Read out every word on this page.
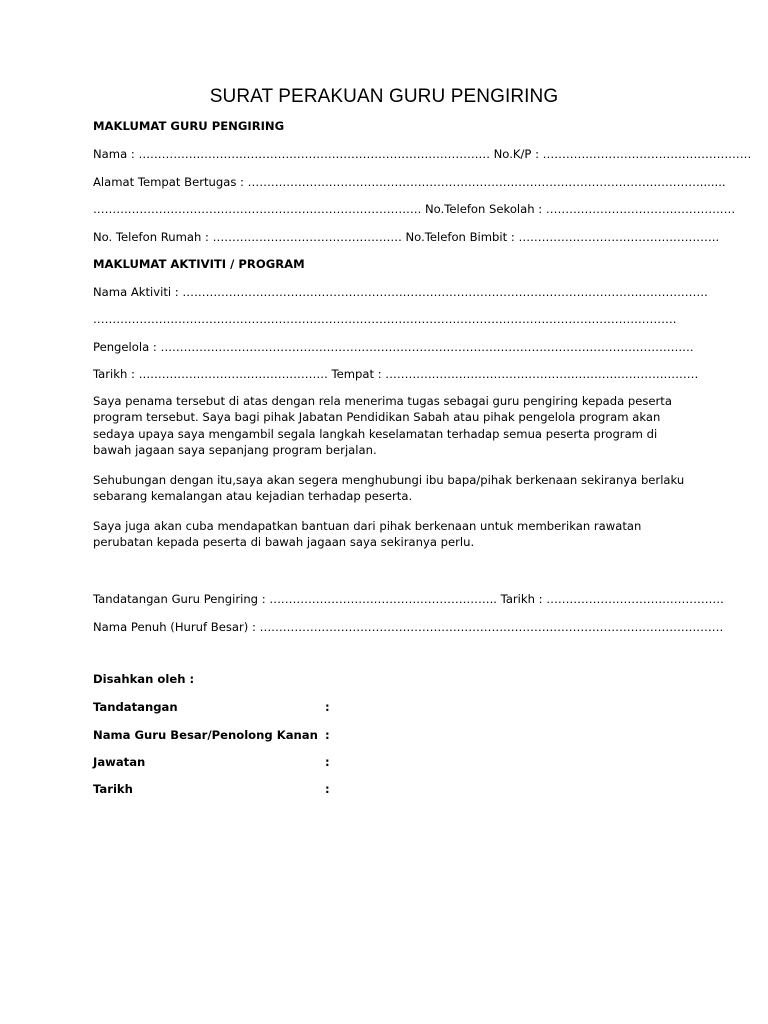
SURAT PERAKUAN GURU PENGIRING
MAKLUMAT GURU PENGIRING
Nama : ………………………………………………………………………………. No.K/P : ………………………………………………
Alamat Tempat Bertugas : ……………………………………………………………………………………………………….......
…………………………………………………………………………. No.Telefon Sekolah : ………………………………………….
No. Telefon Rumah : …………………………………………. No.Telefon Bimbit : …………………………………………….
MAKLUMAT AKTIVITI / PROGRAM
Nama Aktiviti : ……………………………………………………………………………………………………………………….
…………………………………………………………………………………………………………………………………….
Pengelola : …………………………………………………………………………………………………………………………
Tarikh : …………………………………………. Tempat : ………………………………………………………………………
Saya penama tersebut di atas dengan rela menerima tugas sebagai guru pengiring kepada peserta
program tersebut. Saya bagi pihak Jabatan Pendidikan Sabah atau pihak pengelola program akan
sedaya upaya saya mengambil segala langkah keselamatan terhadap semua peserta program di
bawah jagaan saya sepanjang program berjalan.
Sehubungan dengan itu,saya akan segera menghubungi ibu bapa/pihak berkenaan sekiranya berlaku
sebarang kemalangan atau kejadian terhadap peserta.
Saya juga akan cuba mendapatkan bantuan dari pihak berkenaan untuk memberikan rawatan
perubatan kepada peserta di bawah jagaan saya sekiranya perlu.
Tandatangan Guru Pengiring : ………………………………………………….. Tarikh : ……………………………………….
Nama Penuh (Huruf Besar) : …………………………………………………………………………………………………………
Disahkan oleh :
Tandatangan	:
Nama Guru Besar/Penolong Kanan :
Jawatan	:
Tarikh	:
